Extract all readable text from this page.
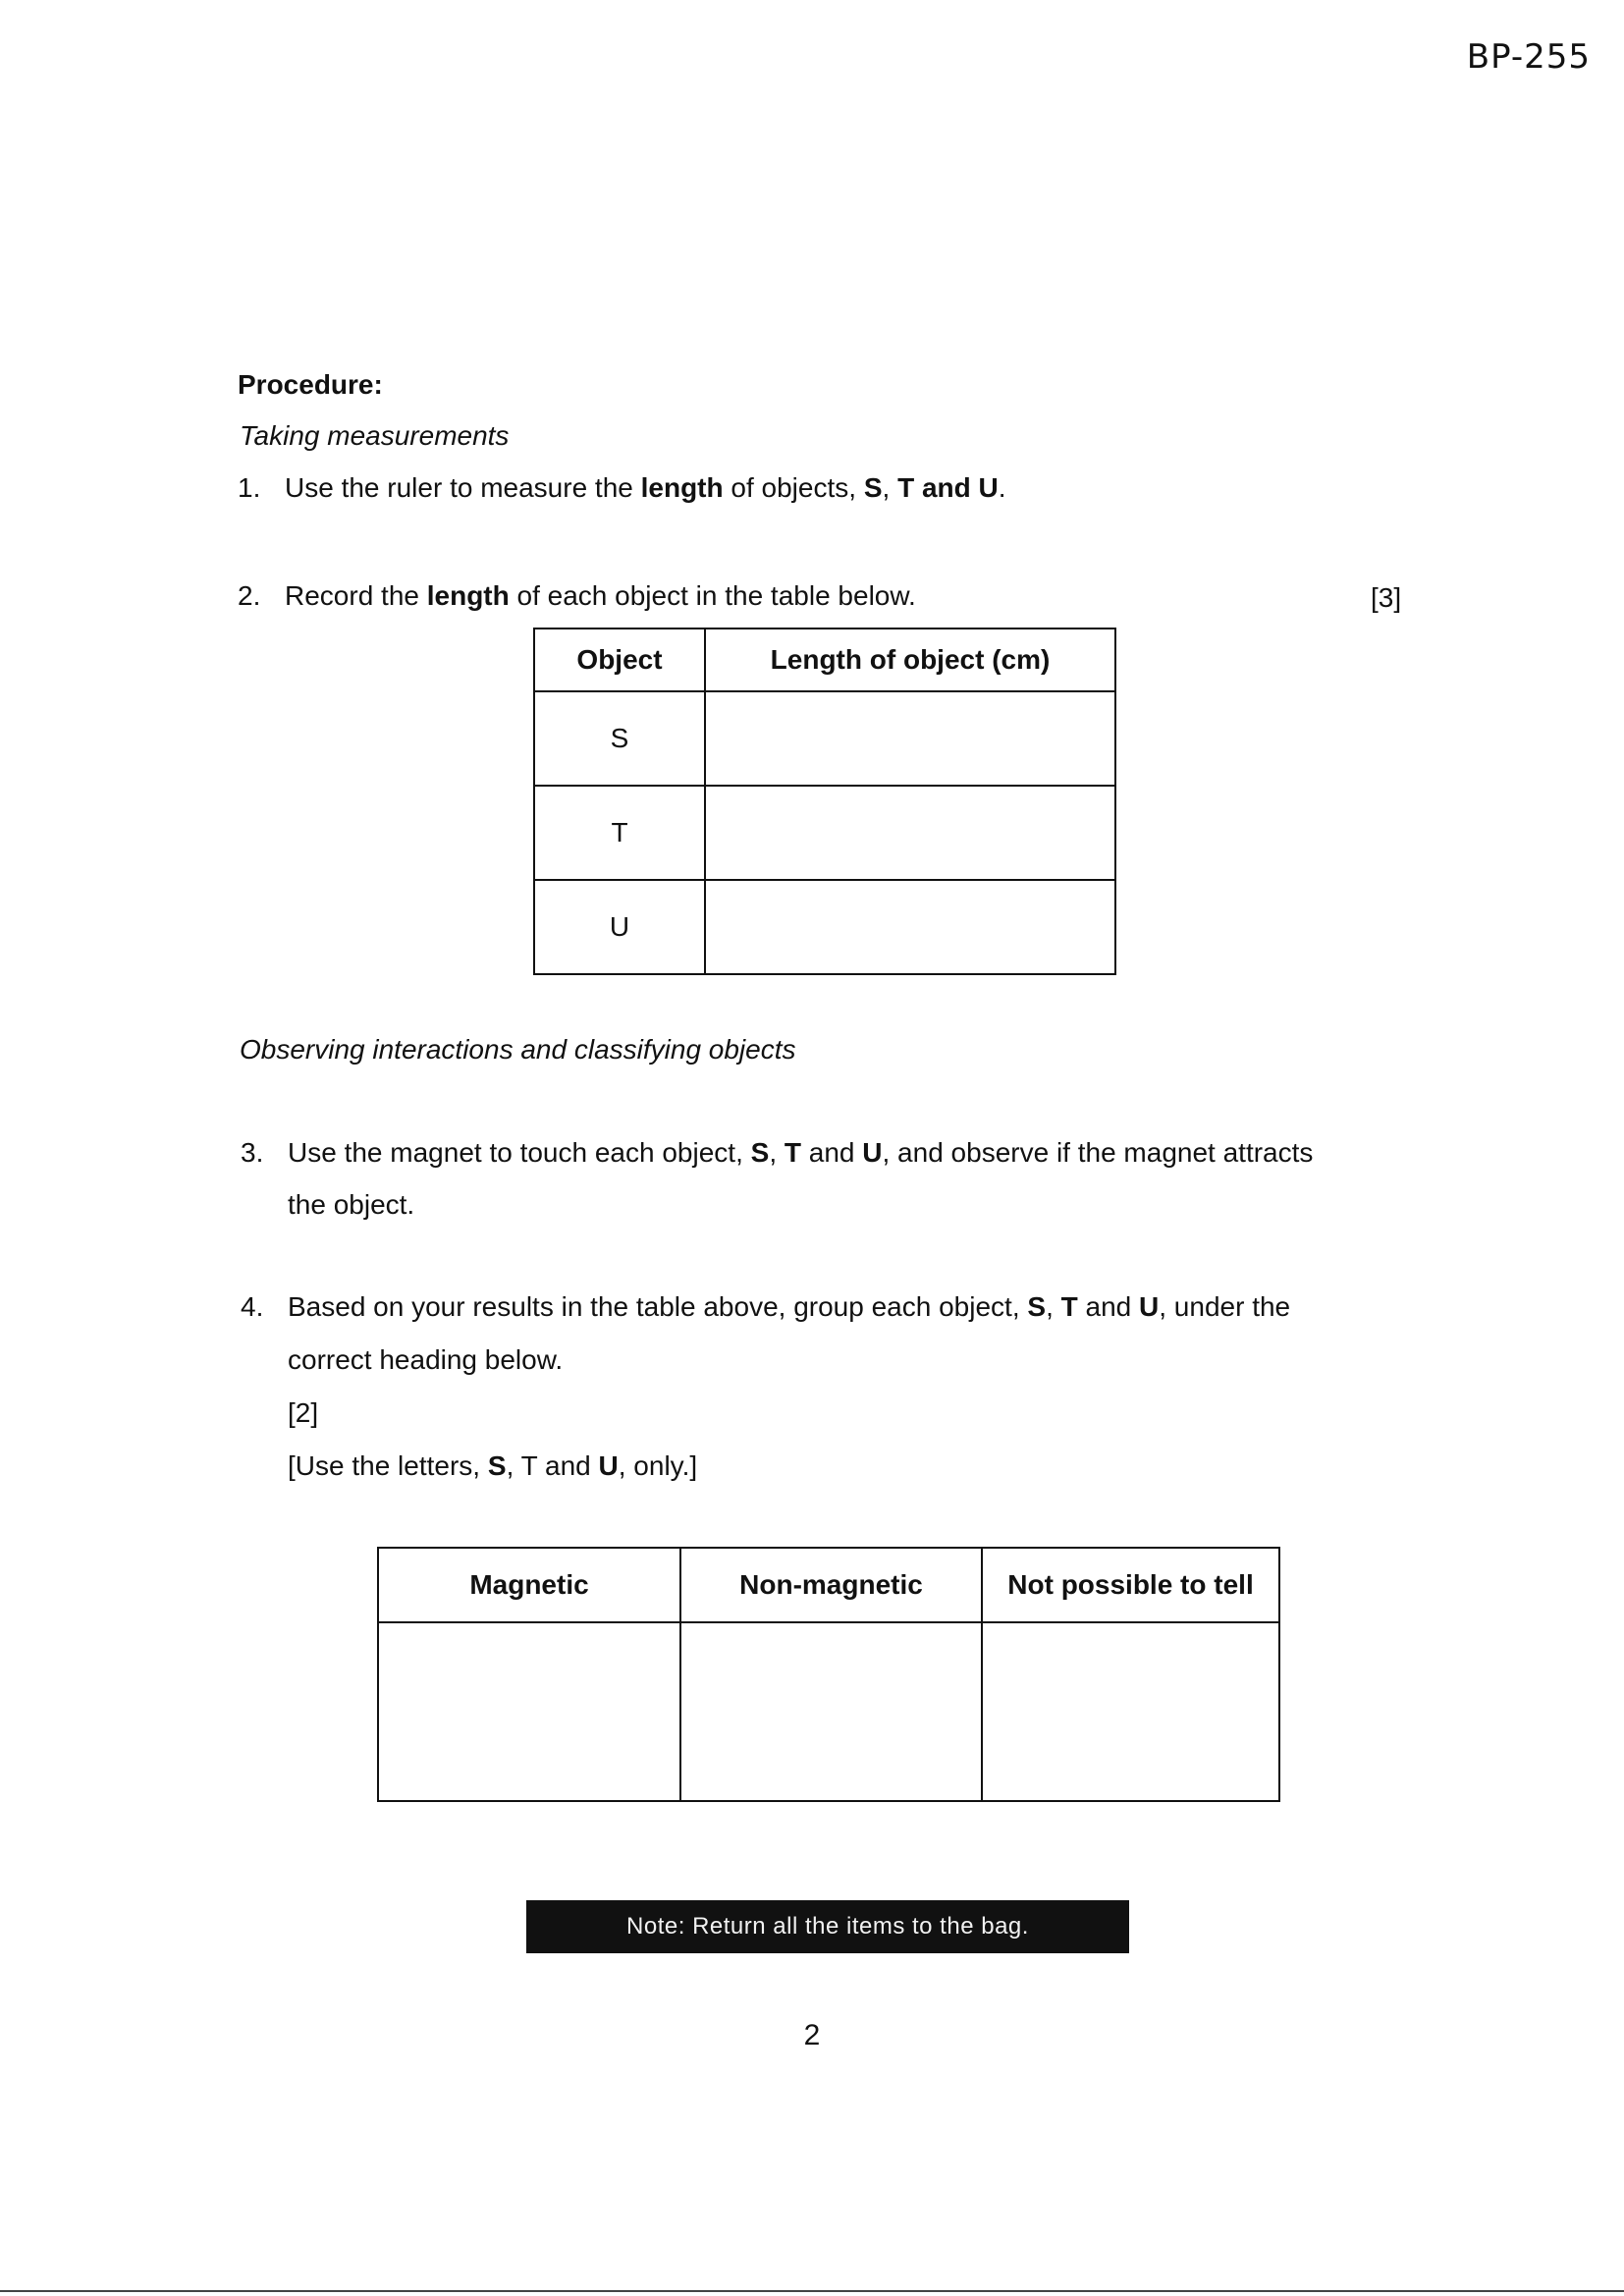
BP-255
Procedure:
Taking measurements
1. Use the ruler to measure the length of objects, S, T and U.
2. Record the length of each object in the table below.	[3]
Object	Length of object (cm)
S	
T	
U	
Observing interactions and classifying objects
3. Use the magnet to touch each object, S, T and U, and observe if the magnet attracts
the object.
4. Based on your results in the table above, group each object, S, T and U, under the
correct heading below.
[2]
[Use the letters, S, T and U, only.]
Magnetic	Non-magnetic	Not possible to tell

Note: Return all the items to the bag.
2
